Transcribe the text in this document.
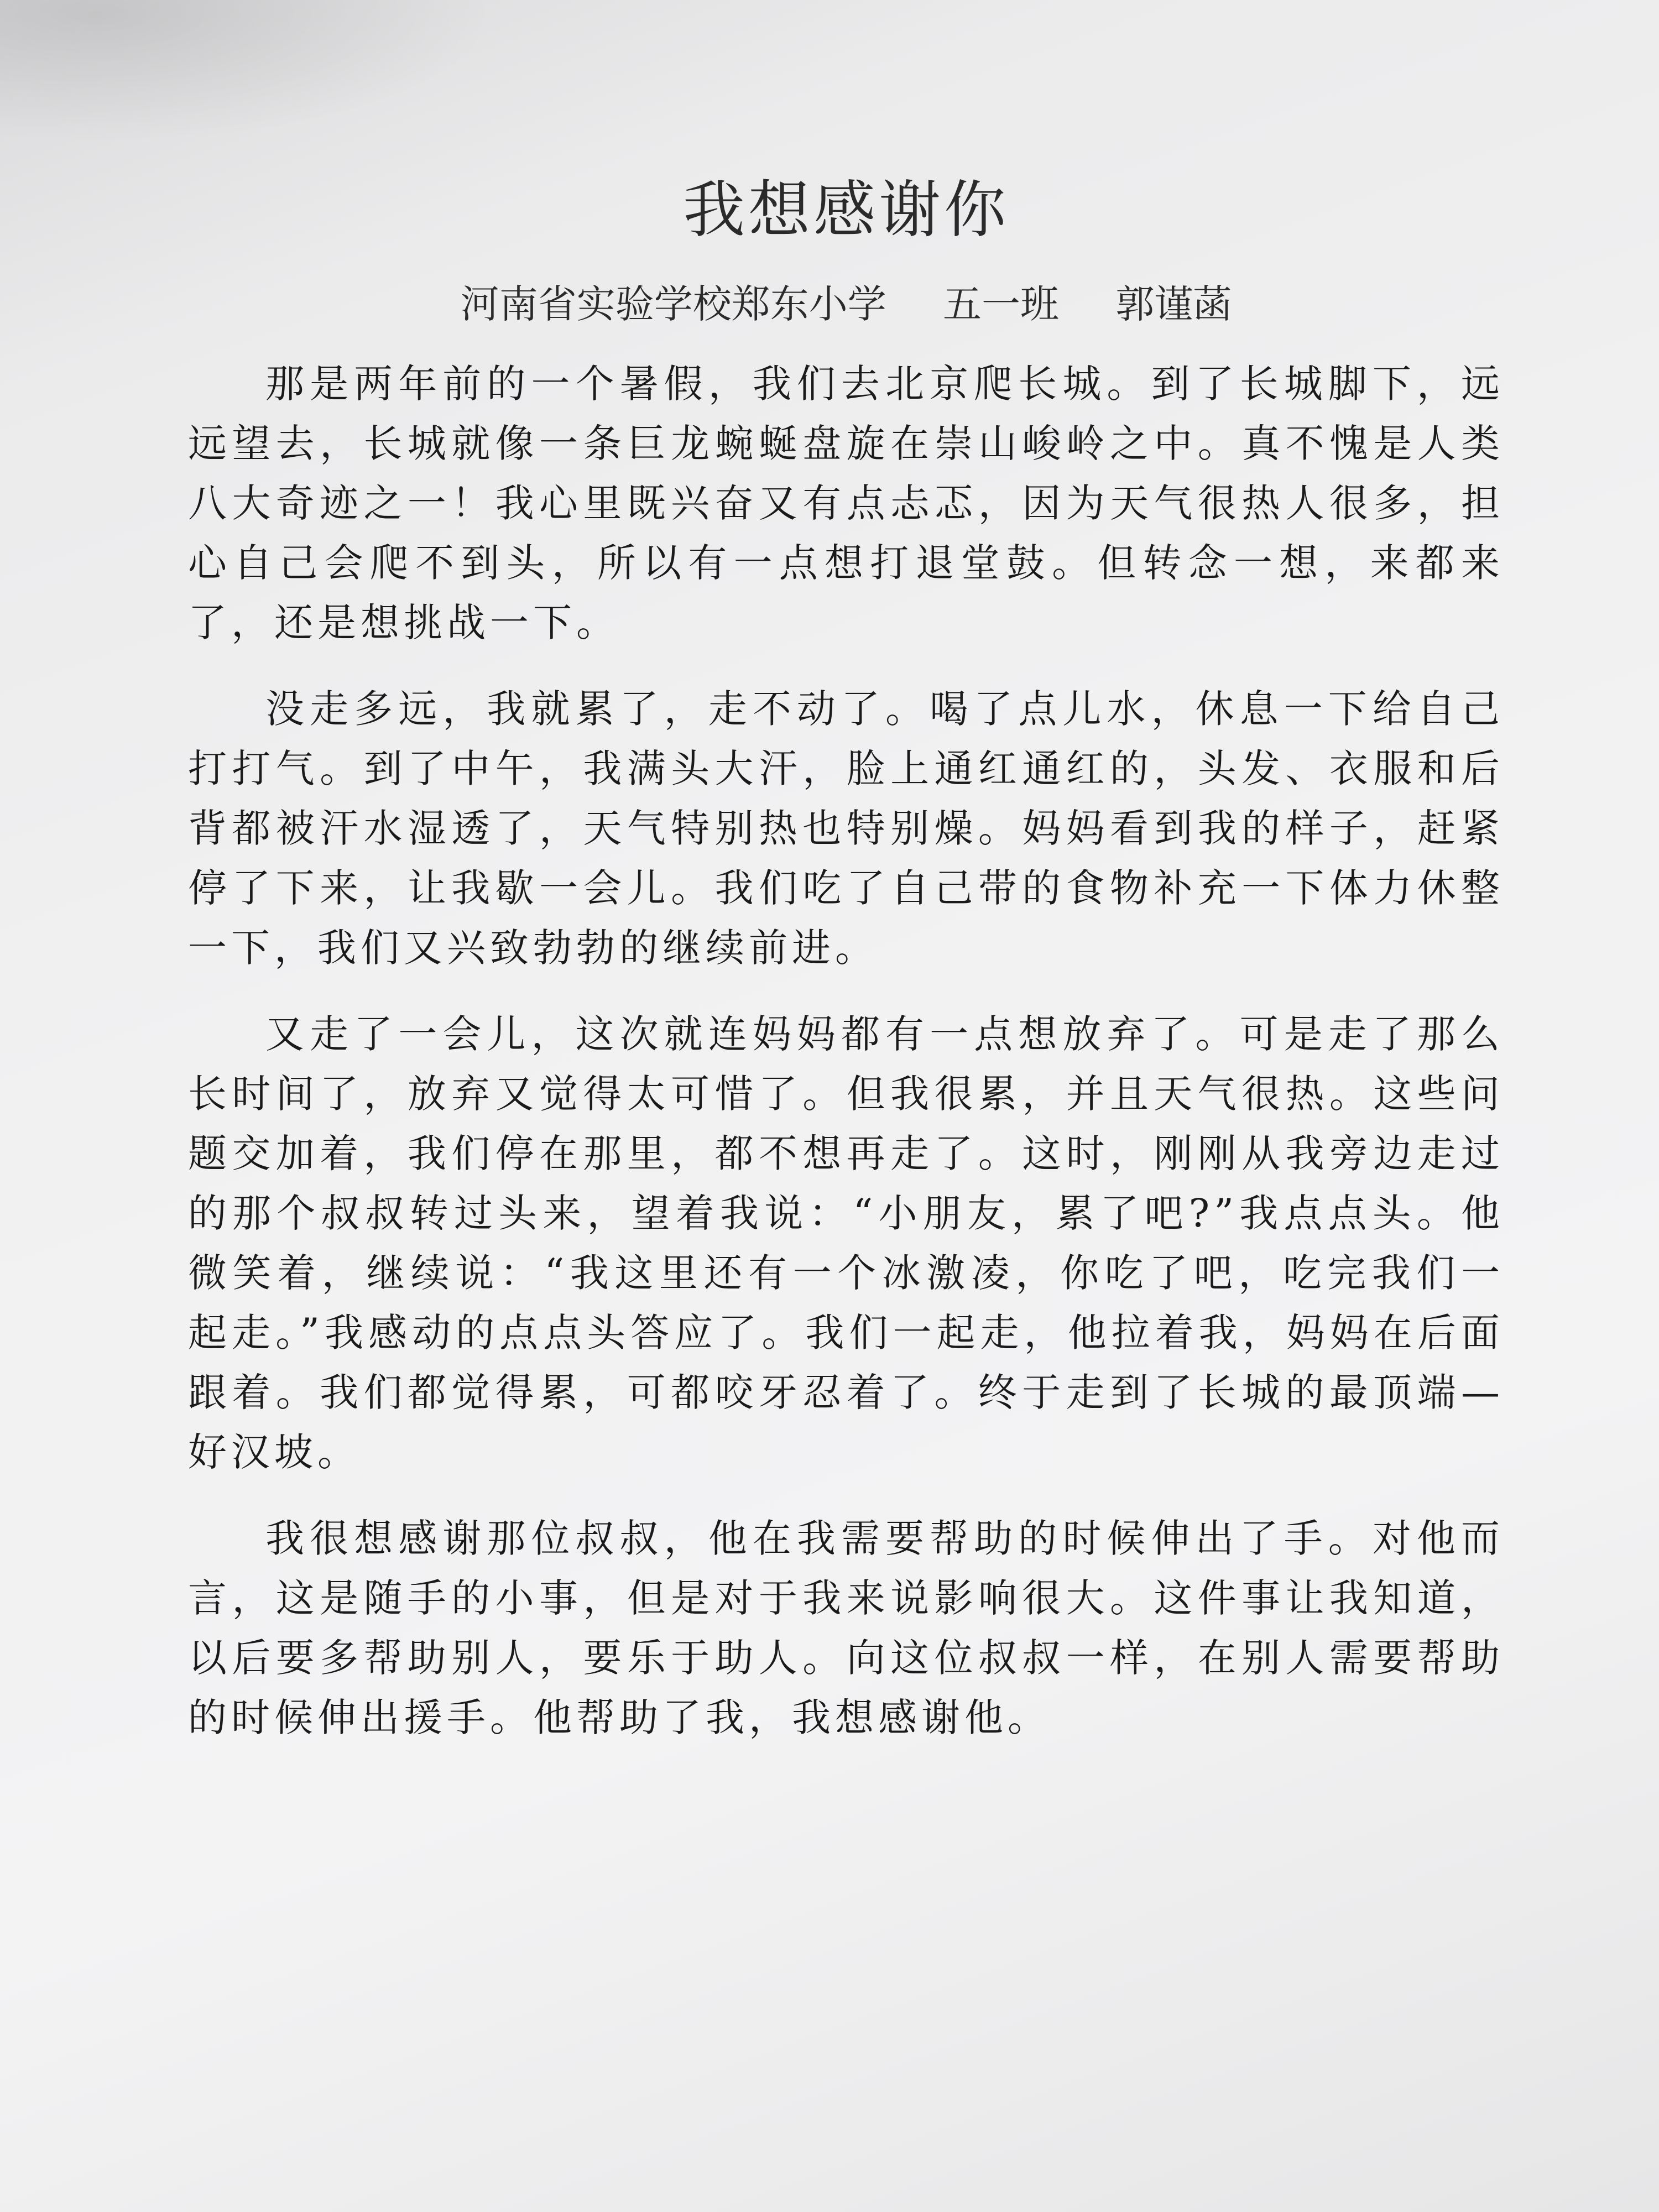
我想感谢你
河南省实验学校郑东小学 五一班 郭谨菡

那是两年前的一个暑假，我们去北京爬长城。到了长城脚下，远远望去，长城就像一条巨龙蜿蜒盘旋在崇山峻岭之中。真不愧是人类八大奇迹之一！我心里既兴奋又有点忐忑，因为天气很热人很多，担心自己会爬不到头，所以有一点想打退堂鼓。但转念一想，来都来了，还是想挑战一下。

没走多远，我就累了，走不动了。喝了点儿水，休息一下给自己打打气。到了中午，我满头大汗，脸上通红通红的，头发、衣服和后背都被汗水湿透了，天气特别热也特别燥。妈妈看到我的样子，赶紧停了下来，让我歇一会儿。我们吃了自己带的食物补充一下体力休整一下，我们又兴致勃勃的继续前进。

又走了一会儿，这次就连妈妈都有一点想放弃了。可是走了那么长时间了，放弃又觉得太可惜了。但我很累，并且天气很热。这些问题交加着，我们停在那里，都不想再走了。这时，刚刚从我旁边走过的那个叔叔转过头来，望着我说：“小朋友，累了吧?”我点点头。他微笑着，继续说：“我这里还有一个冰激凌，你吃了吧，吃完我们一起走。”我感动的点点头答应了。我们一起走，他拉着我，妈妈在后面跟着。我们都觉得累，可都咬牙忍着了。终于走到了长城的最顶端—好汉坡。

我很想感谢那位叔叔，他在我需要帮助的时候伸出了手。对他而言，这是随手的小事，但是对于我来说影响很大。这件事让我知道，以后要多帮助别人，要乐于助人。向这位叔叔一样，在别人需要帮助的时候伸出援手。他帮助了我，我想感谢他。
